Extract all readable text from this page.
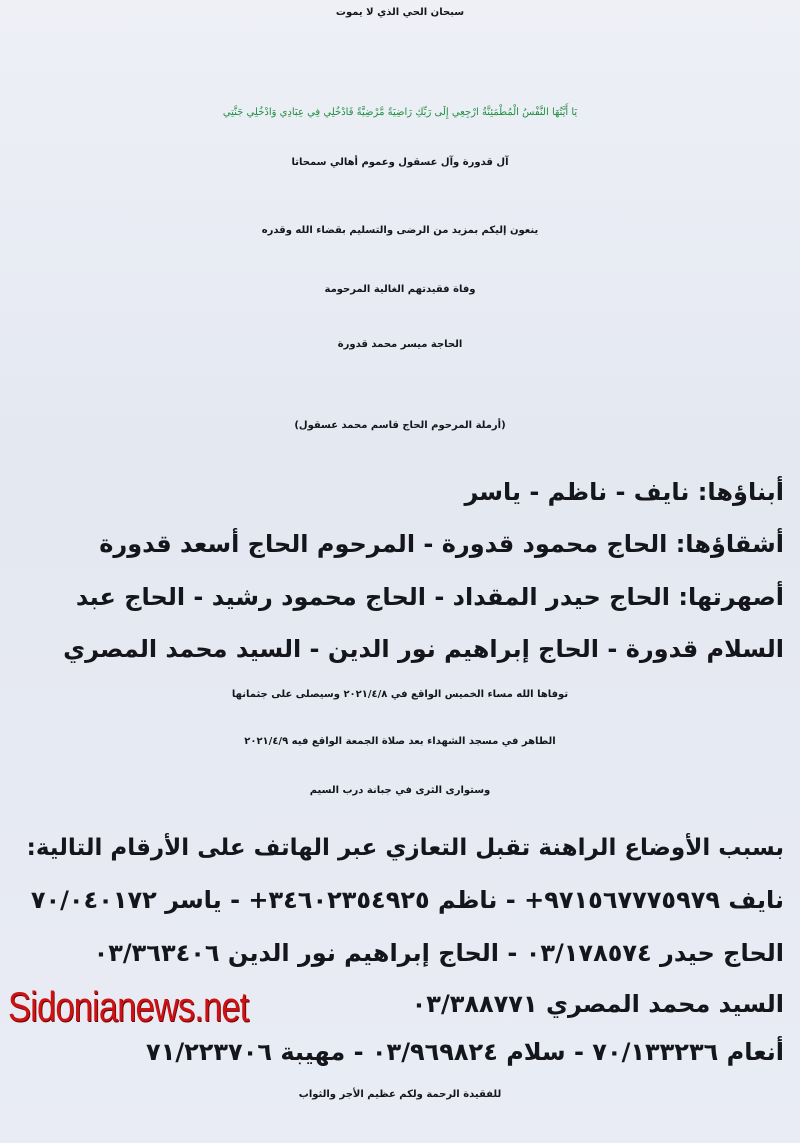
سبحان الحي الذي لا يموت
يَا أَيَّتُهَا النَّفْسُ الْمُطْمَئِنَّةُ ارْجِعِي إِلَى رَبِّكِ رَاضِيَةً مَّرْضِيَّةً فَادْخُلِي فِي عِبَادِي وَادْخُلِي جَنَّتِي
آل قدورة وآل عسقول وعموم أهالي سمحاتا
ينعون إليكم بمزيد من الرضى والتسليم بقضاء الله وقدره
وفاة فقيدتهم الغالية المرحومة
الحاجة ميسر محمد قدورة
(أرملة المرحوم الحاج قاسم محمد عسقول)
أبناؤها: نايف - ناظم - ياسر
أشقاؤها: الحاج محمود قدورة - المرحوم الحاج أسعد قدورة
أصهرتها: الحاج حيدر المقداد - الحاج محمود رشيد - الحاج عبد
السلام قدورة - الحاج إبراهيم نور الدين - السيد محمد المصري
توفاها الله مساء الخميس الواقع في ٢٠٢١/٤/٨ وسيصلى على جثمانها
الطاهر في مسجد الشهداء بعد صلاة الجمعة الواقع فيه ٢٠٢١/٤/٩
وستوارى الثرى في جبانة درب السيم
بسبب الأوضاع الراهنة تقبل التعازي عبر الهاتف على الأرقام التالية:
نايف ٩٧١٥٦٧٧٧٥٩٧٩+ - ناظم ٣٤٦٠٢٣٥٤٩٢٥+ - ياسر ٧٠/٠٤٠١٧٢
الحاج حيدر ٠٣/١٧٨٥٧٤ - الحاج إبراهيم نور الدين ٠٣/٣٦٣٤٠٦
السيد محمد المصري ٠٣/٣٨٨٧٧١
أنعام ٧٠/١٣٣٢٣٦ - سلام ٠٣/٩٦٩٨٢٤ - مهيبة ٧١/٢٢٣٧٠٦
للفقيدة الرحمة ولكم عظيم الأجر والثواب
Sidonianews.net
